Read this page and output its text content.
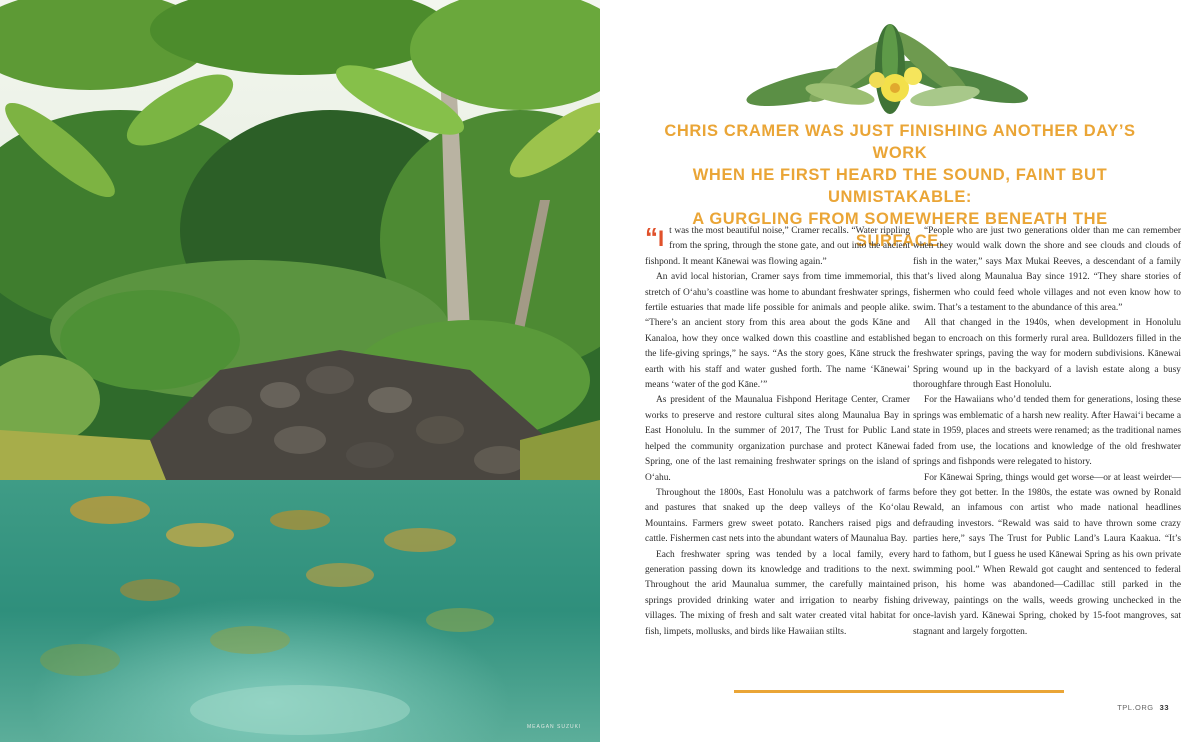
MEAGAN SUZUKI
CHRIS CRAMER WAS JUST FINISHING ANOTHER DAY’S WORK
WHEN HE FIRST HEARD THE SOUND, FAINT BUT UNMISTAKABLE:
A GURGLING FROM SOMEWHERE BENEATH THE SURFACE.

“I t was the most beautiful noise,” Cramer recalls. “Water rippling from the spring, through the stone gate, and out into the ancient fishpond. It meant Kānewai was flowing again.”

An avid local historian, Cramer says from time immemorial, this stretch of O‘ahu’s coastline was home to abundant freshwater springs, fertile estuaries that made life possible for animals and people alike. “There’s an ancient story from this area about the gods Kāne and Kanaloa, how they once walked down this coastline and established the life-giving springs,” he says. “As the story goes, Kāne struck the earth with his staff and water gushed forth. The name ‘Kānewai’ means ‘water of the god Kāne.’”

As president of the Maunalua Fishpond Heritage Center, Cramer works to preserve and restore cultural sites along Maunalua Bay in East Honolulu. In the summer of 2017, The Trust for Public Land helped the community organization purchase and protect Kānewai Spring, one of the last remaining freshwater springs on the island of O‘ahu.

Throughout the 1800s, East Honolulu was a patchwork of farms and pastures that snaked up the deep valleys of the Ko‘olau Mountains. Farmers grew sweet potato. Ranchers raised pigs and cattle. Fishermen cast nets into the abundant waters of Maunalua Bay.

Each freshwater spring was tended by a local family, every generation passing down its knowledge and traditions to the next. Throughout the arid Maunalua summer, the carefully maintained springs provided drinking water and irrigation to nearby fishing villages. The mixing of fresh and salt water created vital habitat for fish, limpets, mollusks, and birds like Hawaiian stilts.

“People who are just two generations older than me can remember when they would walk down the shore and see clouds and clouds of fish in the water,” says Max Mukai Reeves, a descendant of a family that’s lived along Maunalua Bay since 1912. “They share stories of fishermen who could feed whole villages and not even know how to swim. That’s a testament to the abundance of this area.”

All that changed in the 1940s, when development in Honolulu began to encroach on this formerly rural area. Bulldozers filled in the freshwater springs, paving the way for modern subdivisions. Kānewai Spring wound up in the backyard of a lavish estate along a busy thoroughfare through East Honolulu.

For the Hawaiians who’d tended them for generations, losing these springs was emblematic of a harsh new reality. After Hawai‘i became a state in 1959, places and streets were renamed; as the traditional names faded from use, the locations and knowledge of the old freshwater springs and fishponds were relegated to history.

For Kānewai Spring, things would get worse—or at least weirder—before they got better. In the 1980s, the estate was owned by Ronald Rewald, an infamous con artist who made national headlines defrauding investors. “Rewald was said to have thrown some crazy parties here,” says The Trust for Public Land’s Laura Kaakua. “It’s hard to fathom, but I guess he used Kānewai Spring as his own private swimming pool.” When Rewald got caught and sentenced to federal prison, his home was abandoned—Cadillac still parked in the driveway, paintings on the walls, weeds growing unchecked in the once-lavish yard. Kānewai Spring, choked by 15-foot mangroves, sat stagnant and largely forgotten.

TPL.ORG 33
